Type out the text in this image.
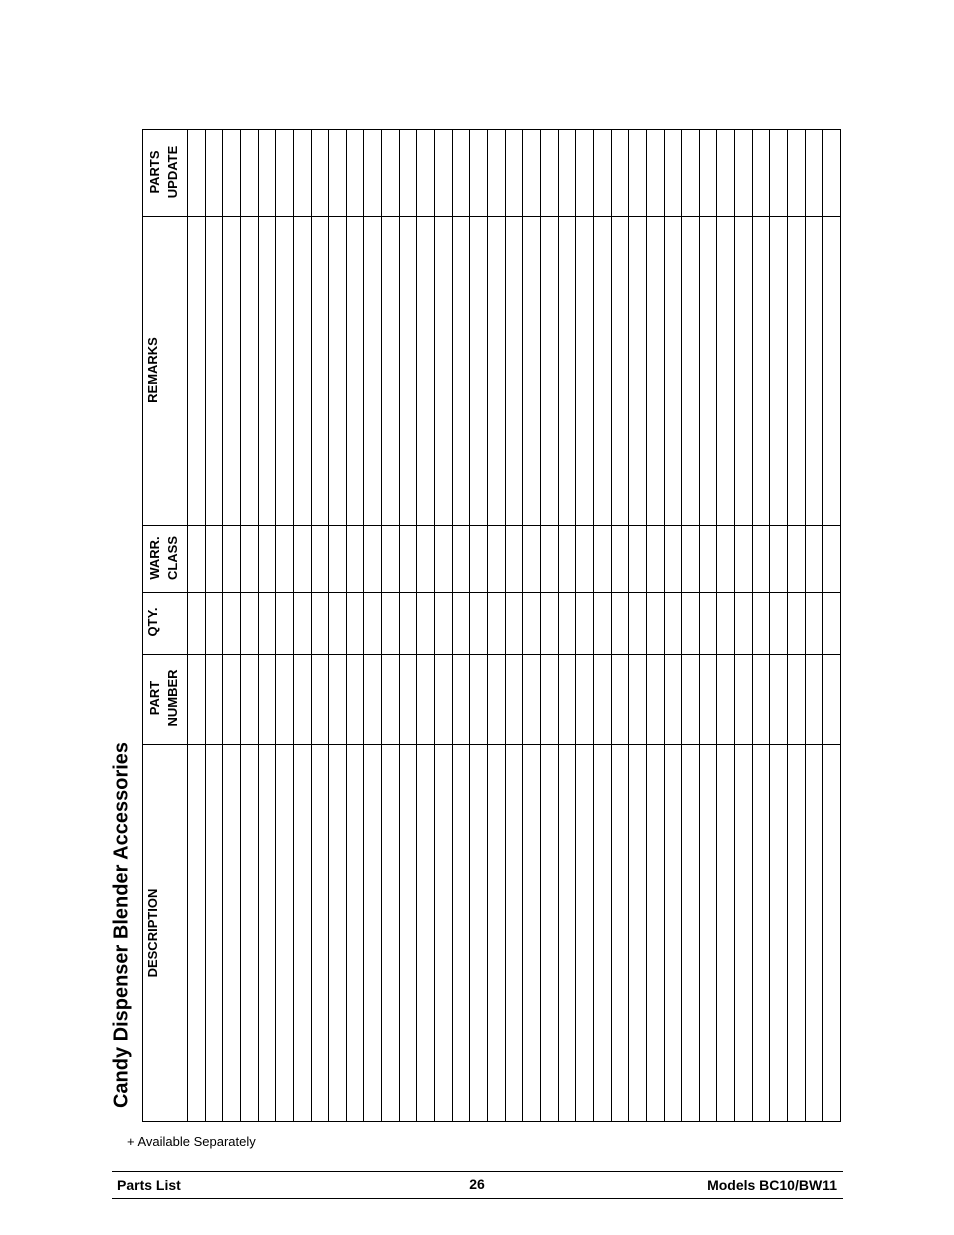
Candy Dispenser Blender Accessories DESCRIPTION
PART NUMBER
QTY.
WARR. CLASS
REMARKS
PARTS UPDATE
+ Available Separately
Parts List	26	Models BC10/BW11
